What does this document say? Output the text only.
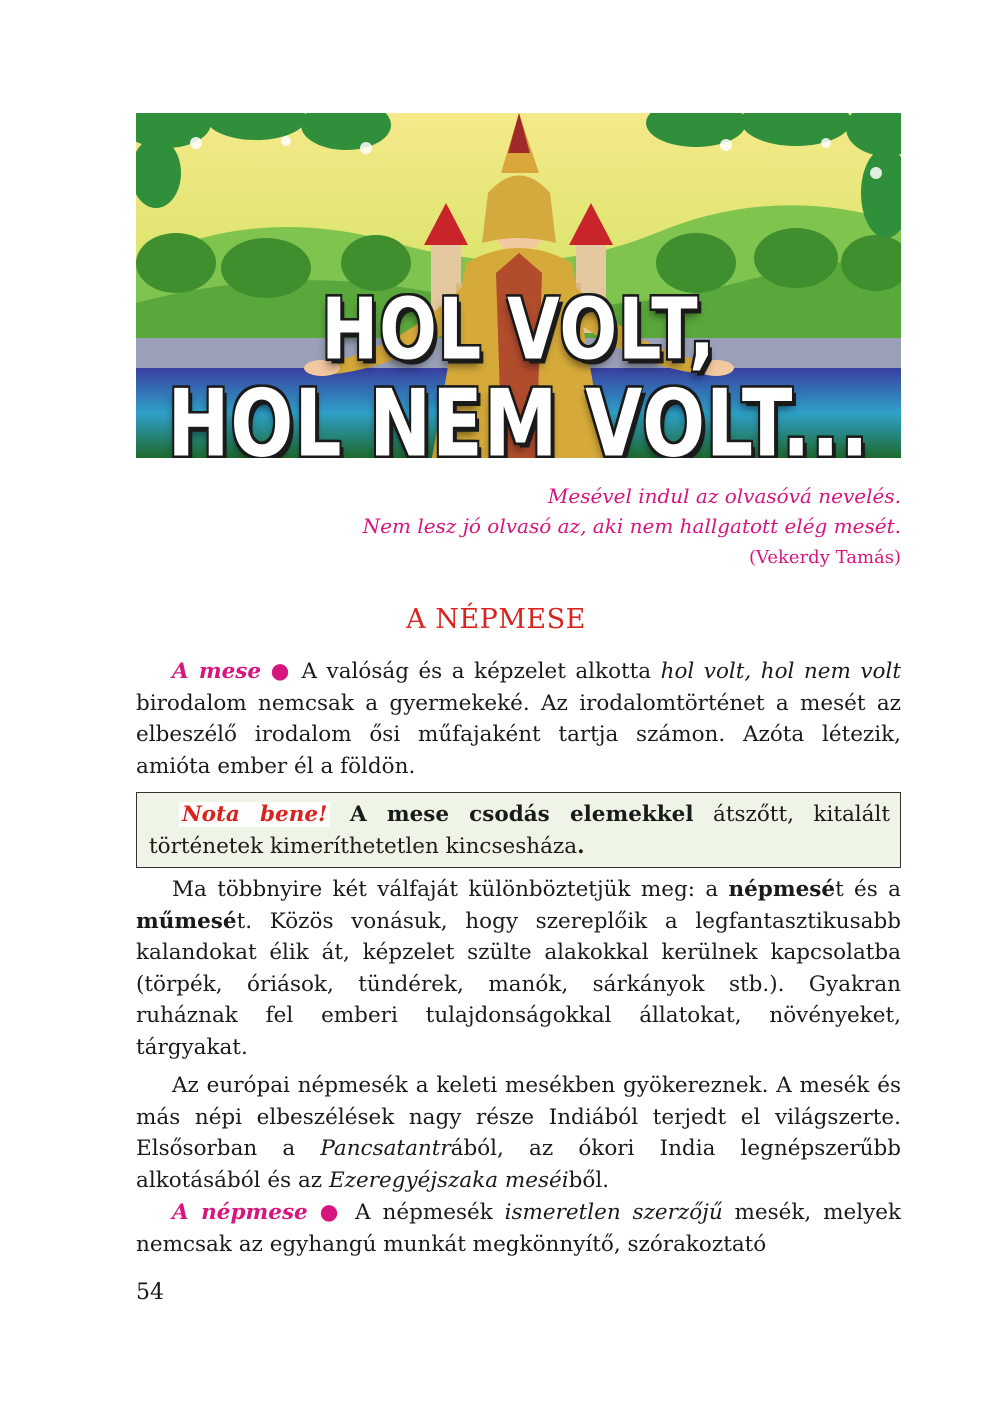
HOL VOLT,
HOL NEM VOLT...
Mesével indul az olvasóvá nevelés.
Nem lesz jó olvasó az, aki nem hallgatott elég mesét.
(Vekerdy Tamás)
A NÉPMESE

A mese ● A valóság és a képzelet alkotta hol volt, hol nem volt birodalom nemcsak a gyermekeké. Az irodalomtörténet a mesét az elbeszélő irodalom ősi műfajaként tartja számon. Azóta létezik, amióta ember él a földön.

Nota bene! A mese csodás elemekkel átszőtt, kitalált történetek kimeríthetetlen kincsesháza.

Ma többnyire két válfaját különböztetjük meg: a népmesét és a műmesét. Közös vonásuk, hogy szereplőik a legfantasztikusabb kalandokat élik át, képzelet szülte alakokkal kerülnek kapcsolatba (törpék, óriások, tündérek, manók, sárkányok stb.). Gyakran ruháznak fel emberi tulajdonságokkal állatokat, növényeket, tárgyakat.

Az európai népmesék a keleti mesékben gyökereznek. A mesék és más népi elbeszélések nagy része Indiából terjedt el világszerte. Elsősorban a Pancsatantrából, az ókori India legnépszerűbb alkotásából és az Ezeregyéjszaka meséiből.

A népmese ● A népmesék ismeretlen szerzőjű mesék, melyek nemcsak az egyhangú munkát megkönnyítő, szórakoztató

54
